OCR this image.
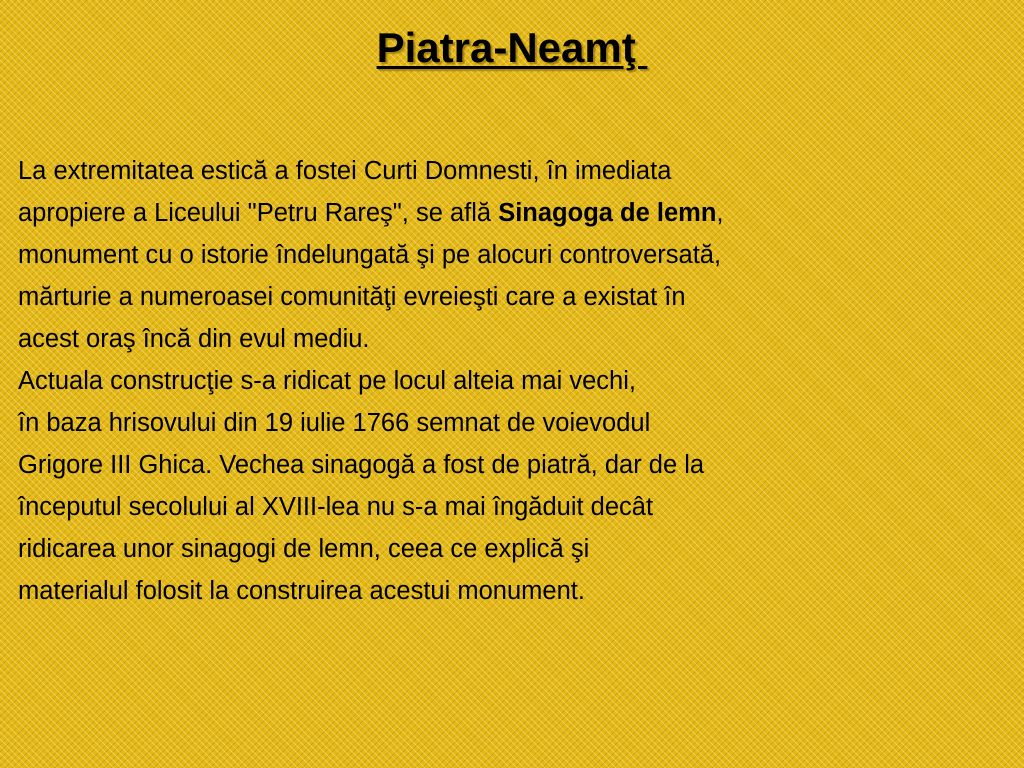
Piatra-Neamţ
La extremitatea estică a fostei Curti Domnesti, în imediata
apropiere a Liceului "Petru Rareş", se află Sinagoga de lemn,
monument cu o istorie îndelungată şi pe alocuri controversată,
mărturie a numeroasei comunităţi evreieşti care a existat în
acest oraş încă din evul mediu.
Actuala construcţie s-a ridicat pe locul alteia mai vechi,
în baza hrisovului din 19 iulie 1766 semnat de voievodul
Grigore III Ghica. Vechea sinagogă a fost de piatră, dar de la
începutul secolului al XVIII-lea nu s-a mai îngăduit decât
ridicarea unor sinagogi de lemn, ceea ce explică şi
materialul folosit la construirea acestui monument.
